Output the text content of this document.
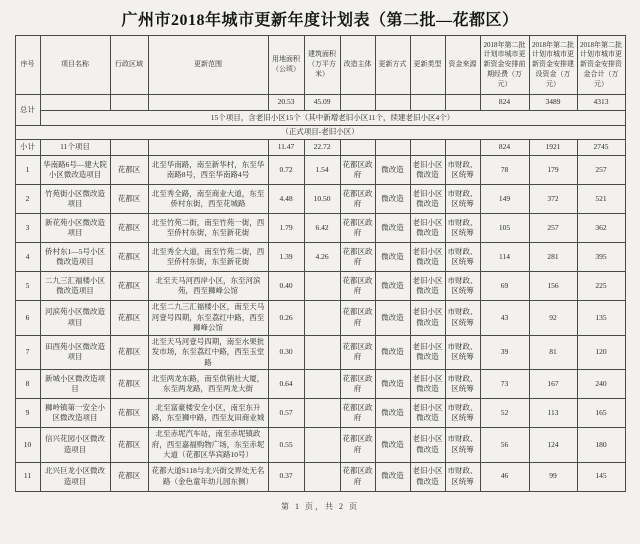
广州市2018年城市更新年度计划表（第二批—花都区）
序号	项目名称	行政区域	更新范围	用地面积（公顷）	建筑面积（万平方米）	改造主体	更新方式	更新类型	资金来源	2018年第二批计划市城市更新资金安排前期经费（万元）	2018年第二批计划市城市更新资金安排建设资金（万元）	2018年第二批计划市城市更新资金安排资金合计（万元）
总计				20.53	45.09					824	3489	4313
	15个项目，含老旧小区15个（其中新增老旧小区11个，续建老旧小区4个）											
（正式项目-老旧小区）												
小计	11个项目			11.47	22.72					824	1921	2745
1	华南路6号—建大院小区微改造项目	花都区	北至华南路，南至新华村，东至华南路8号，西至华南路4号	0.72	1.54	花都区政府	微改造	老旧小区微改造	市财政、区统筹	78	179	257
2	竹苑街小区微改造项目	花都区	北至秀全路，南至商业大道，东至侨村东街，西至花城路	4.48	10.50	花都区政府	微改造	老旧小区微改造	市财政、区统筹	149	372	521
3	新花苑小区微改造项目	花都区	北至竹苑二街，南至竹苑一街，西至侨村东街，东至新花街	1.79	6.42	花都区政府	微改造	老旧小区微改造	市财政、区统筹	105	257	362
4	侨村东1—5号小区微改造项目	花都区	北至秀全大道，南至竹苑二街，西至侨村东街，东至新花街	1.39	4.26	花都区政府	微改造	老旧小区微改造	市财政、区统筹	114	281	395
5	二九三汇福楼小区微改造项目	花都区	北至天马河西岸小区，东至河滨苑，西至狮峰公馆	0.40		花都区政府	微改造	老旧小区微改造	市财政、区统筹	69	156	225
6	河滨苑小区微改造项目	花都区	北至二九三汇福楼小区，南至天马河壹号四期，东至荔红中路，西至狮峰公馆	0.26		花都区政府	微改造	老旧小区微改造	市财政、区统筹	43	92	135
7	田西苑小区微改造项目	花都区	北至天马河壹号四期，南至水果批发市场，东至荔红中路，西至玉堂路	0.30		花都区政府	微改造	老旧小区微改造	市财政、区统筹	39	81	120
8	新城小区微改造项目	花都区	北至两龙东路，南至供销社大厦，东至两龙路，西至两龙大街	0.64		花都区政府	微改造	老旧小区微改造	市财政、区统筹	73	167	240
9	狮岭镇第一安全小区微改造项目	花都区	北至富豪楼安全小区，南至东升路，东至狮中路，西至友田商业城	0.57		花都区政府	微改造	老旧小区微改造	市财政、区统筹	52	113	165
10	信兴花园小区微改造项目	花都区	北至赤坭汽车站，南至赤坭镇政府，西至嘉福购物广场，东至赤坭大道（花都区华宾路10号）	0.55		花都区政府	微改造	老旧小区微改造	市财政、区统筹	56	124	180
11	北兴巨龙小区微改造项目	花都区	花都大道S118与北兴街交界处无名路（金色童年幼儿园东侧）	0.37		花都区政府	微改造	老旧小区微改造	市财政、区统筹	46	99	145
第 1 页，共 2 页
